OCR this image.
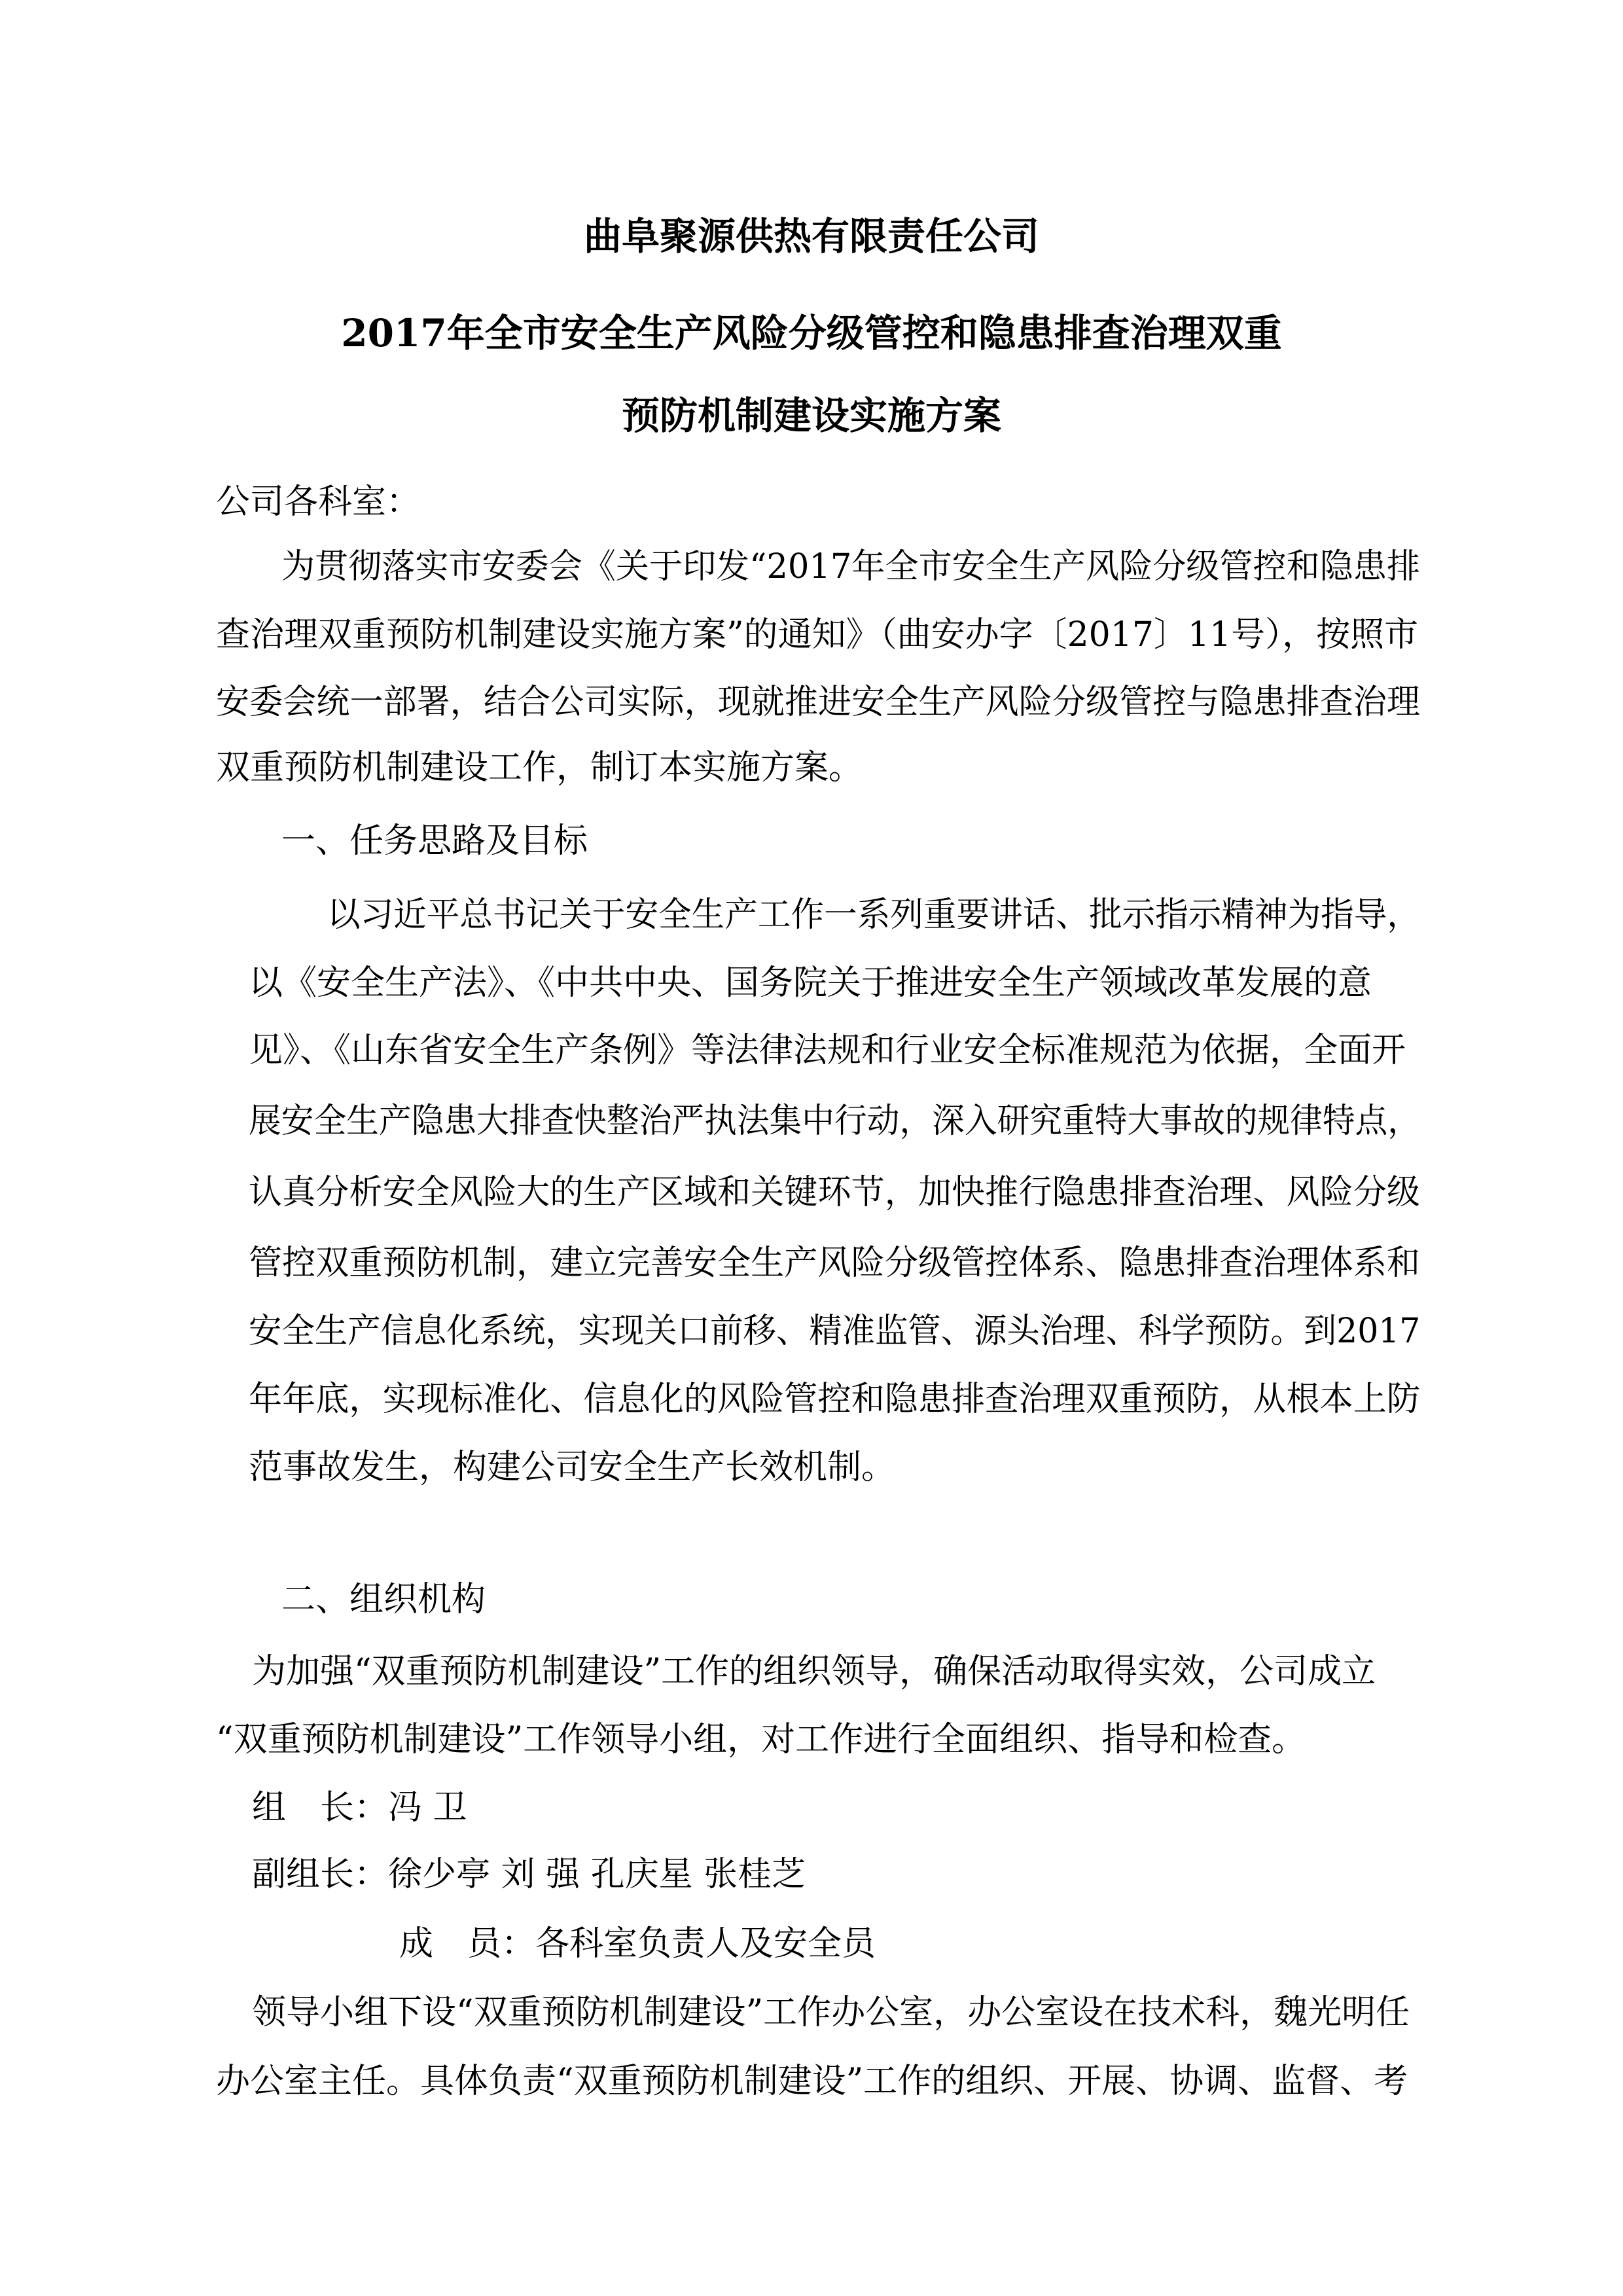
曲阜聚源供热有限责任公司
2017年全市安全生产风险分级管控和隐患排查治理双重
预防机制建设实施方案
公司各科室：
为贯彻落实市安委会《关于印发“2017年全市安全生产风险分级管控和隐患排
查治理双重预防机制建设实施方案”的通知》（曲安办字〔2017〕11号），按照市
安委会统一部署，结合公司实际，现就推进安全生产风险分级管控与隐患排查治理
双重预防机制建设工作，制订本实施方案。
一、任务思路及目标
以习近平总书记关于安全生产工作一系列重要讲话、批示指示精神为指导，
以《安全生产法》、《中共中央、国务院关于推进安全生产领域改革发展的意
见》、《山东省安全生产条例》等法律法规和行业安全标准规范为依据，全面开
展安全生产隐患大排查快整治严执法集中行动，深入研究重特大事故的规律特点，
认真分析安全风险大的生产区域和关键环节，加快推行隐患排查治理、风险分级
管控双重预防机制，建立完善安全生产风险分级管控体系、隐患排查治理体系和
安全生产信息化系统，实现关口前移、精准监管、源头治理、科学预防。到2017
年年底，实现标准化、信息化的风险管控和隐患排查治理双重预防，从根本上防
范事故发生，构建公司安全生产长效机制。
二、组织机构
为加强“双重预防机制建设”工作的组织领导，确保活动取得实效，公司成立
“双重预防机制建设”工作领导小组，对工作进行全面组织、指导和检查。
组　长：冯 卫
副组长：徐少亭 刘 强 孔庆星 张桂芝
成　员：各科室负责人及安全员
领导小组下设“双重预防机制建设”工作办公室，办公室设在技术科，魏光明任
办公室主任。具体负责“双重预防机制建设”工作的组织、开展、协调、监督、考
